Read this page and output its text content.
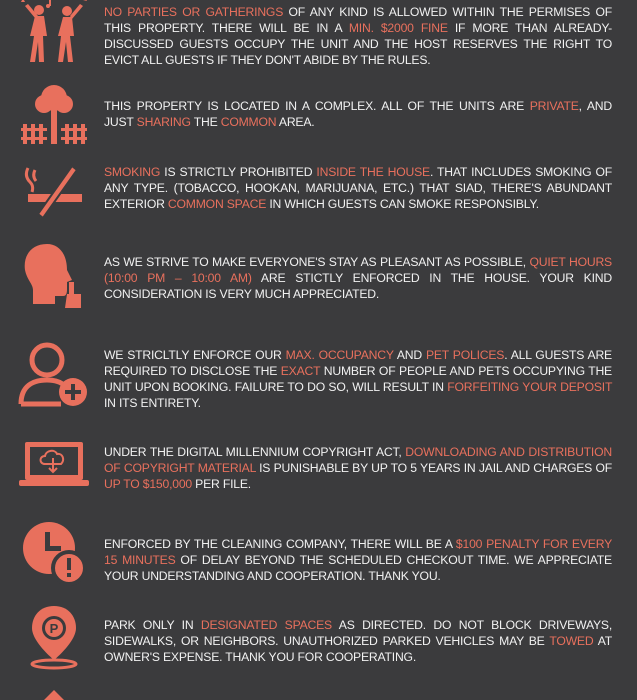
NO PARTIES OR GATHERINGS OF ANY KIND IS ALLOWED WITHIN THE PERMISES OF THIS PROPERTY. THERE WILL BE IN A MIN. $2000 FINE IF MORE THAN ALREADY-DISCUSSED GUESTS OCCUPY THE UNIT AND THE HOST RESERVES THE RIGHT TO EVICT ALL GUESTS IF THEY DON'T ABIDE BY THE RULES.
THIS PROPERTY IS LOCATED IN A COMPLEX. ALL OF THE UNITS ARE PRIVATE, AND JUST SHARING THE COMMON AREA.
SMOKING IS STRICTLY PROHIBITED INSIDE THE HOUSE. THAT INCLUDES SMOKING OF ANY TYPE. (TOBACCO, HOOKAN, MARIJUANA, ETC.) THAT SIAD, THERE'S ABUNDANT EXTERIOR COMMON SPACE IN WHICH GUESTS CAN SMOKE RESPONSIBLY.
AS WE STRIVE TO MAKE EVERYONE'S STAY AS PLEASANT AS POSSIBLE, QUIET HOURS (10:00 PM – 10:00 AM) ARE STICTLY ENFORCED IN THE HOUSE. YOUR KIND CONSIDERATION IS VERY MUCH APPRECIATED.
WE STRICLTLY ENFORCE OUR MAX. OCCUPANCY AND PET POLICES. ALL GUESTS ARE REQUIRED TO DISCLOSE THE EXACT NUMBER OF PEOPLE AND PETS OCCUPYING THE UNIT UPON BOOKING. FAILURE TO DO SO, WILL RESULT IN FORFEITING YOUR DEPOSIT IN ITS ENTIRETY.
UNDER THE DIGITAL MILLENNIUM COPYRIGHT ACT, DOWNLOADING AND DISTRIBUTION OF COPYRIGHT MATERIAL IS PUNISHABLE BY UP TO 5 YEARS IN JAIL AND CHARGES OF UP TO $150,000 PER FILE.
ENFORCED BY THE CLEANING COMPANY, THERE WILL BE A $100 PENALTY FOR EVERY 15 MINUTES OF DELAY BEYOND THE SCHEDULED CHECKOUT TIME. WE APPRECIATE YOUR UNDERSTANDING AND COOPERATION. THANK YOU.
P	PARK ONLY IN DESIGNATED SPACES AS DIRECTED. DO NOT BLOCK DRIVEWAYS, SIDEWALKS, OR NEIGHBORS. UNAUTHORIZED PARKED VEHICLES MAY BE TOWED AT OWNER'S EXPENSE. THANK YOU FOR COOPERATING.
